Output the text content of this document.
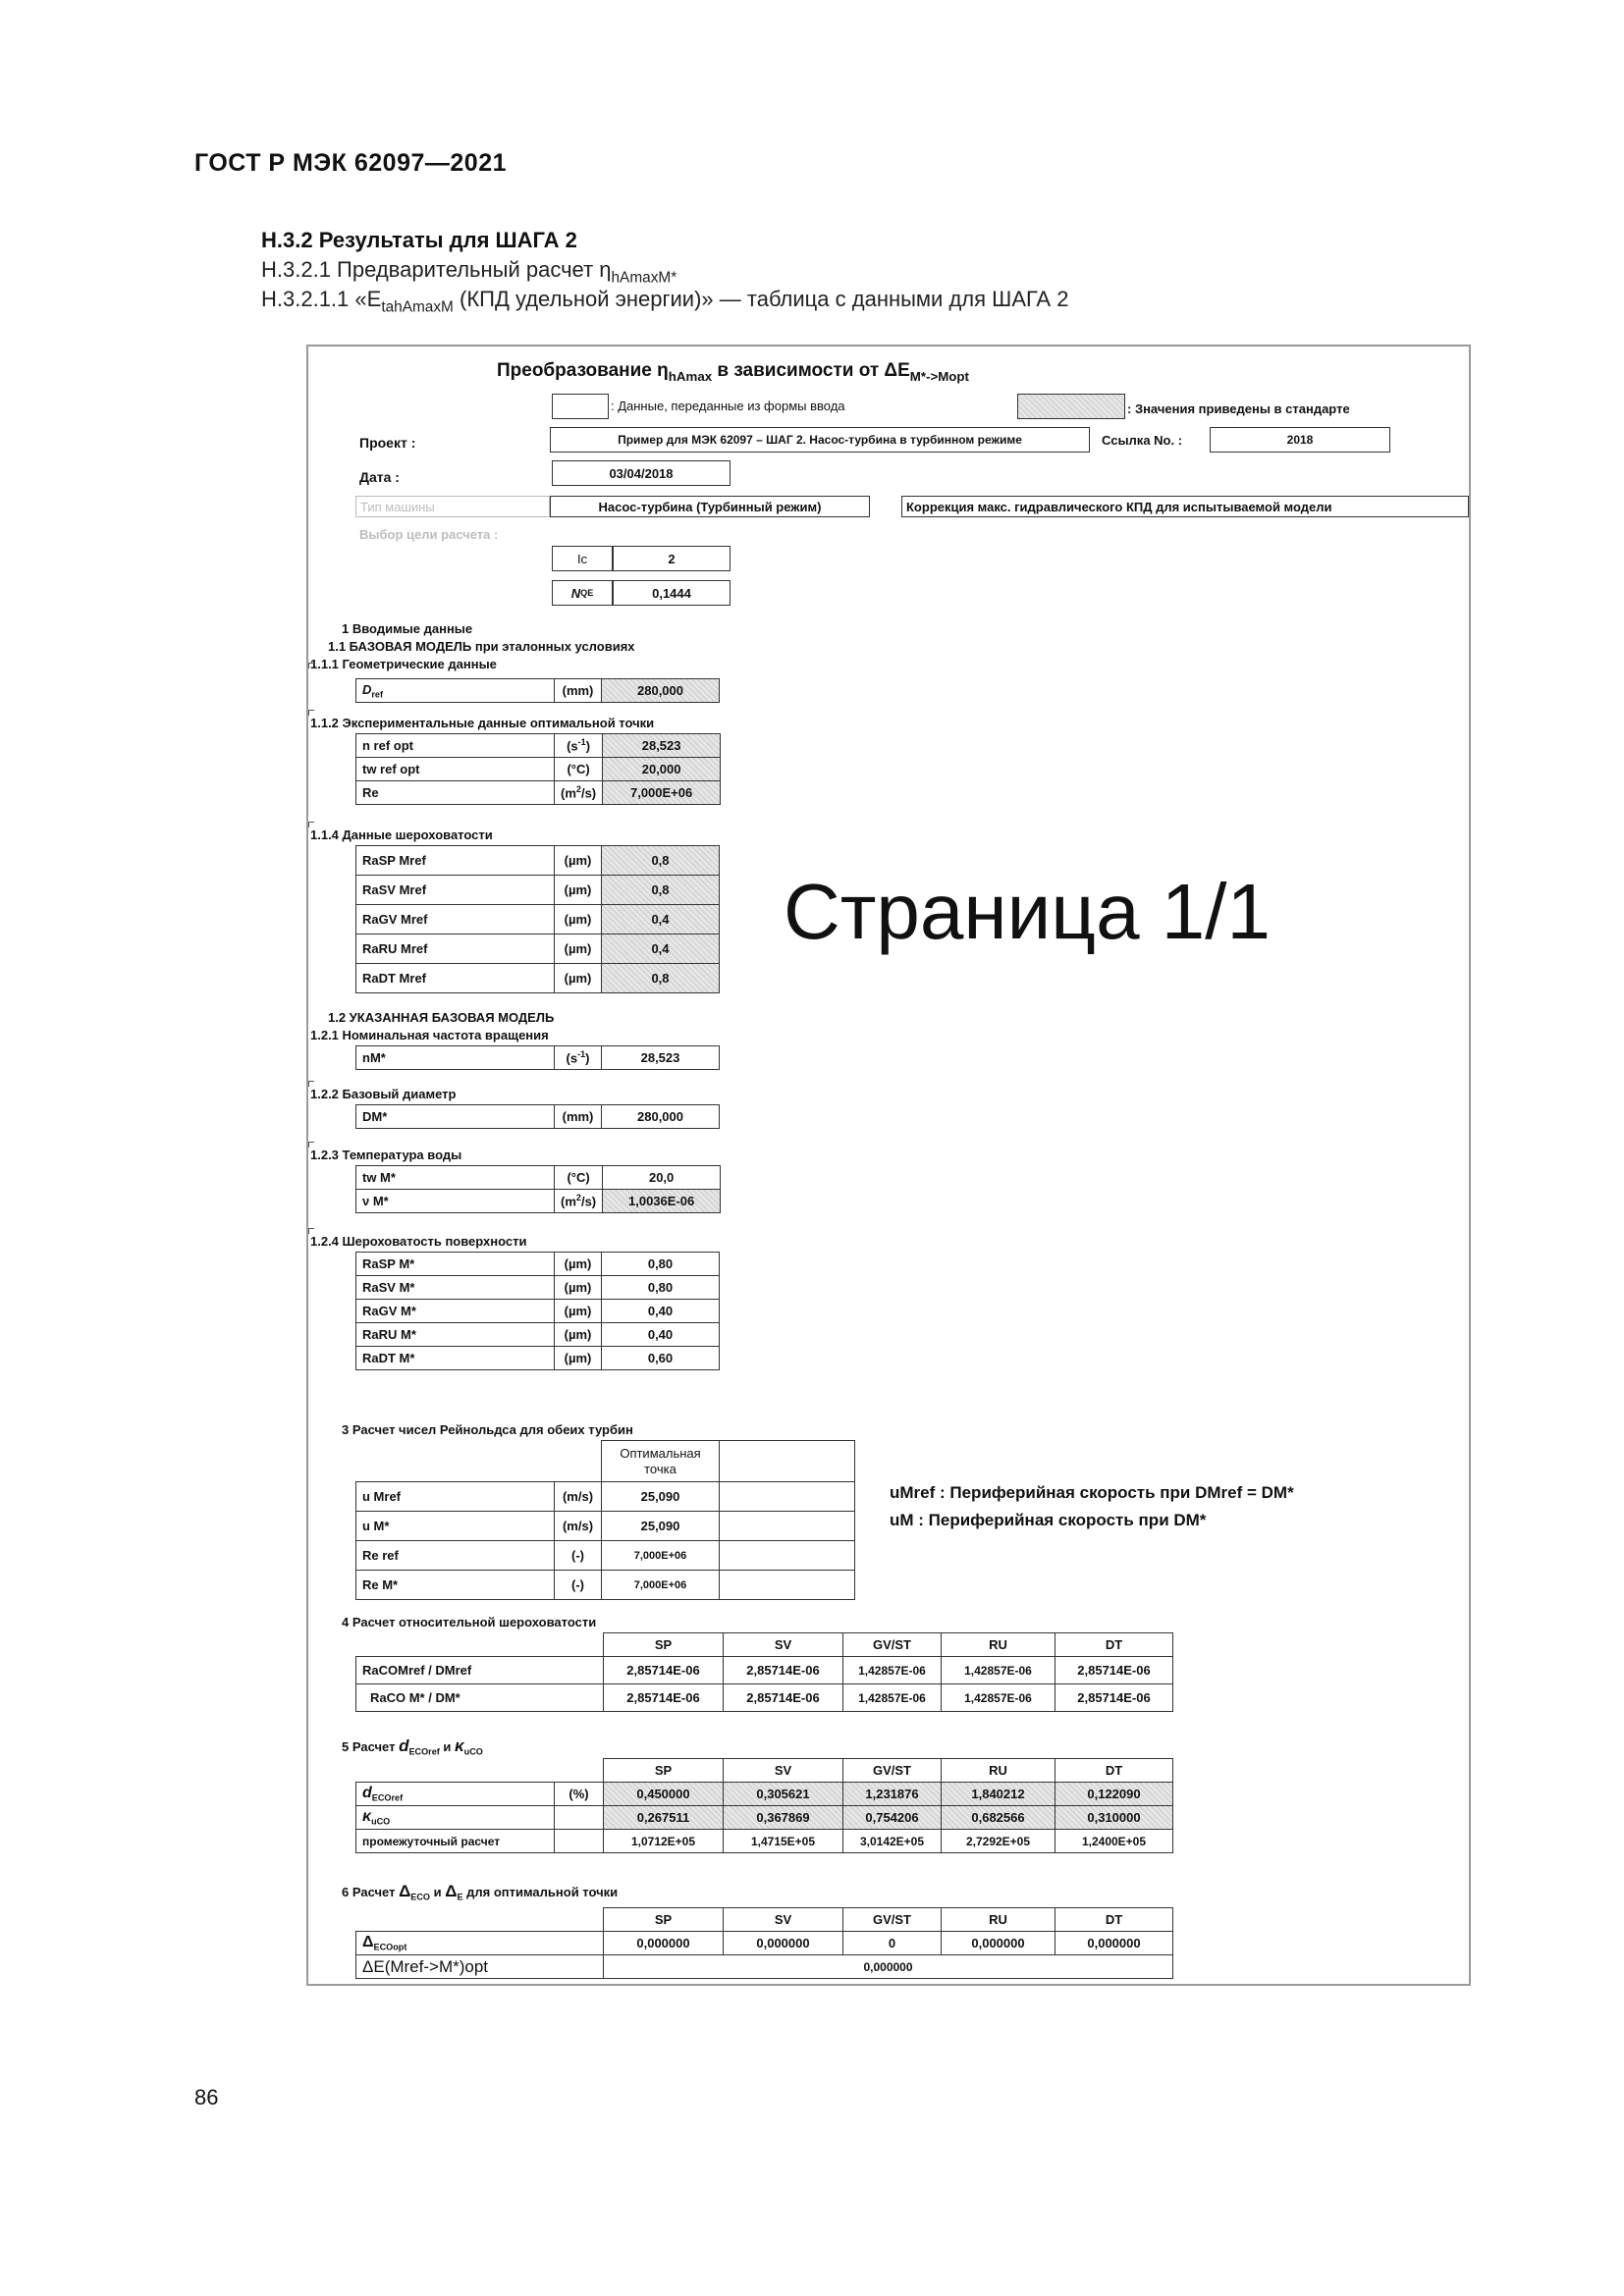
ГОСТ Р МЭК 62097—2021
Н.3.2 Результаты для ШАГА 2
Н.3.2.1 Предварительный расчет $\eta_{hAmaxM*}$
Н.3.2.1.1 «$E_{tahAmaxM}$ (КПД удельной энергии)» — таблица с данными для ШАГА 2
Преобразование $\eta_{hAmax}$ в зависимости от $\Delta E_{M*->Mopt}$
: Данные, переданные из формы ввода	: Значения приведены в стандарте
Проект :	Пример для МЭК 62097 – ШАГ 2. Насос-турбина в турбинном режиме	Ссылка No. :	2018
Дата :	03/04/2018
Тип машины	Насос-турбина (Турбинный режим)	Коррекция макс. гидравлического КПД для испытываемой модели
Выбор цели расчета :
Ic	2
N QE	0,1444
1 Вводимые данные
1.1 БАЗОВАЯ МОДЕЛЬ при эталонных условиях
1.1.1 Геометрические данные
$D_{ref}$	(mm)	280,000
1.1.2 Экспериментальные данные оптимальной точки
n ref opt	$(s^{-1})$	28,523
tw ref opt	(°C)	20,000
Re	$(m^2/s)$	7,000E+06
1.1.4 Данные шероховатости
RaSP Mref	(µm)	0,8
RaSV Mref	(µm)	0,8
RaGV Mref	(µm)	0,4
RaRU Mref	(µm)	0,4
RaDT Mref	(µm)	0,8
Страница 1/1
1.2 УКАЗАННАЯ БАЗОВАЯ МОДЕЛЬ
1.2.1 Номинальная частота вращения
nM*	$(s^{-1})$	28,523
1.2.2 Базовый диаметр
DM*	(mm)	280,000
1.2.3 Температура воды
tw M*	(°C)	20,0
ν M*	$(m^2/s)$	1,0036E-06
1.2.4 Шероховатость поверхности
RaSP M*	(µm)	0,80
RaSV M*	(µm)	0,80
RaGV M*	(µm)	0,40
RaRU M*	(µm)	0,40
RaDT M*	(µm)	0,60
3 Расчет чисел Рейнольдса для обеих турбин
		Оптимальная
точка	
u Mref	(m/s)	25,090	
u M*	(m/s)	25,090	
Re ref	(-)	7,000E+06	
Re M*	(-)	7,000E+06	
uMref : Периферийная скорость при DMref = DM*
uM : Периферийная скорость при DM*
4 Расчет относительной шероховатости
	SP	SV	GV/ST	RU	DT
RaCOMref / DMref	2,85714E-06	2,85714E-06	1,42857E-06	1,42857E-06	2,85714E-06
RaCO M* / DM*	2,85714E-06	2,85714E-06	1,42857E-06	1,42857E-06	2,85714E-06
5 Расчет $d_{ECOref}$ и $\kappa_{uCO}$
		SP	SV	GV/ST	RU	DT
$d_{ECOref}$	(%)	0,450000	0,305621	1,231876	1,840212	0,122090
$\kappa_{uCO}$		0,267511	0,367869	0,754206	0,682566	0,310000
промежуточный расчет		1,0712E+05	1,4715E+05	3,0142E+05	2,7292E+05	1,2400E+05
6 Расчет $\Delta_{ECO}$ и $\Delta_E$ для оптимальной точки
	SP	SV	GV/ST	RU	DT
$\Delta_{ECOopt}$	0,000000	0,000000	0	0,000000	0,000000
ΔE(Mref->M*)opt	0,000000				
86
